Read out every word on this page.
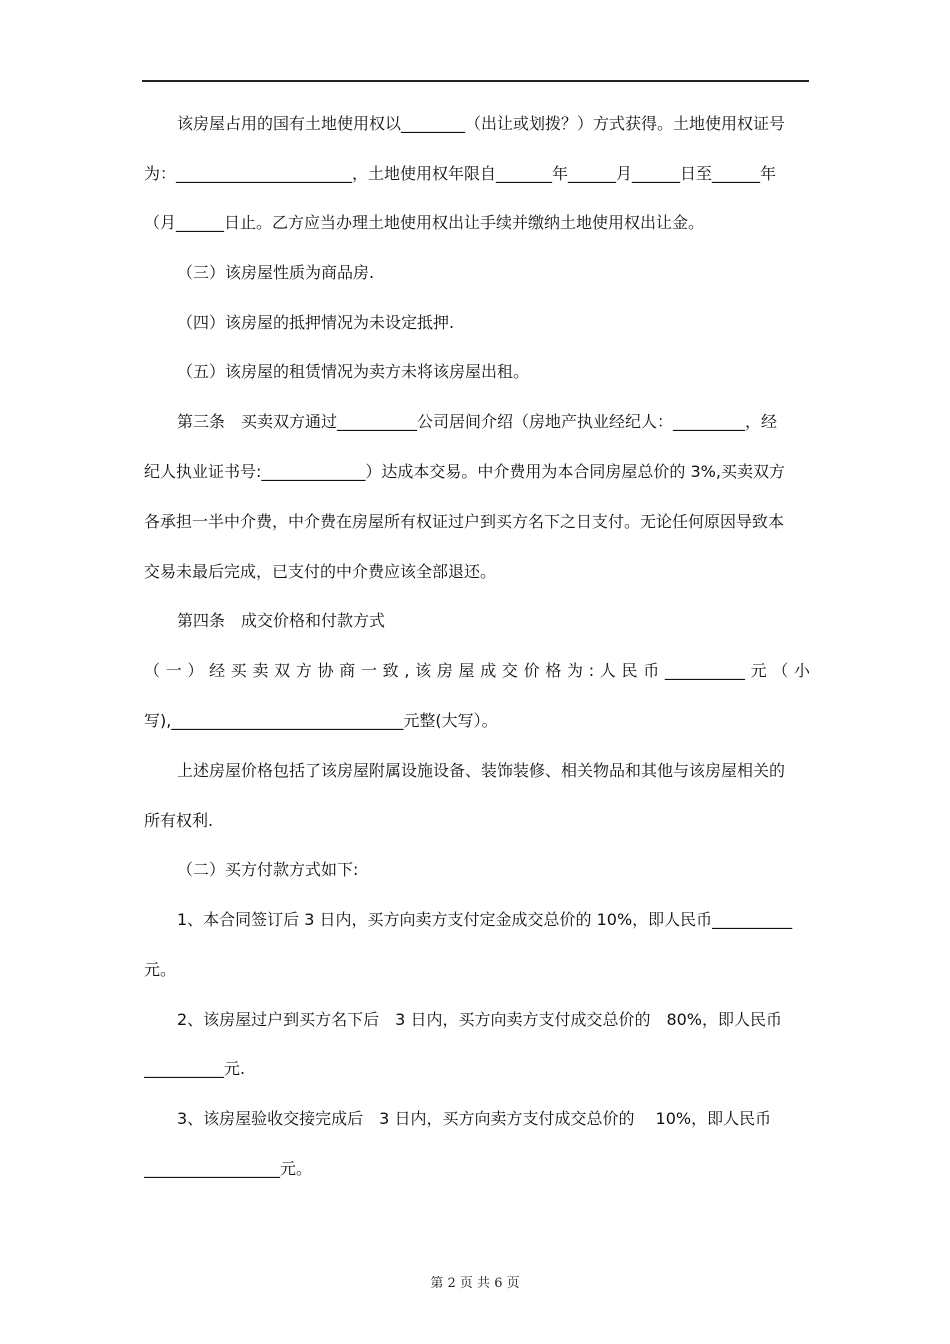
该房屋占用的国有土地使用权以________（出让或划拨？）方式获得。土地使用权证号
为：______________________，土地使用权年限自_______年______月______日至______年
（月______日止。乙方应当办理土地使用权出让手续并缴纳土地使用权出让金。
（三）该房屋性质为商品房.
（四）该房屋的抵押情况为未设定抵押.
（五）该房屋的租赁情况为卖方未将该房屋出租。
第三条　买卖双方通过__________公司居间介绍（房地产执业经纪人：_________，经
纪人执业证书号:_____________）达成本交易。中介费用为本合同房屋总价的 3%,买卖双方
各承担一半中介费，中介费在房屋所有权证过户到买方名下之日支付。无论任何原因导致本
交易未最后完成，已支付的中介费应该全部退还。
第四条　成交价格和付款方式
（一）经买卖双方协商一致,该房屋成交价格为:人民币__________元（小
写),_____________________________元整(大写）。
上述房屋价格包括了该房屋附属设施设备、装饰装修、相关物品和其他与该房屋相关的
所有权利.
（二）买方付款方式如下:
1、本合同签订后 3 日内，买方向卖方支付定金成交总价的 10%，即人民币__________
元。
2、该房屋过户到买方名下后　3 日内，买方向卖方支付成交总价的　80%，即人民币
__________元.
3、该房屋验收交接完成后　3 日内，买方向卖方支付成交总价的　 10%，即人民币
_________________元。
第 2 页 共 6 页
